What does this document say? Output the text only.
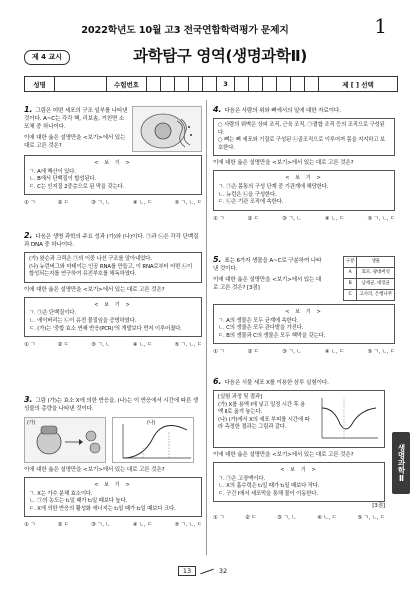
2022학년도 10월 고3 전국연합학력평가 문제지	1
제 4 교시	과학탐구 영역(생명과학Ⅱ)
성명	수험번호	3	제 [ ] 선택
1. 그림은 어떤 세포의 구조 일부를 나타낸 것이다. A~C는 각각 핵, 리보솜, 거친면 소포체 중 하나이다.
이에 대한 옳은 설명만을 <보기>에서 있는 대로 고른 것은?
< 보 기 >
ㄱ. A에 핵산이 있다.
ㄴ. B에서 단백질이 합성된다.
ㄷ. C는 인지질 2중층으로 된 막을 갖는다.
① ㄱ	② ㄷ	③ ㄱ, ㄴ	④ ㄴ, ㄷ	⑤ ㄱ, ㄴ, ㄷ
2. 다음은 생명 과학의 주요 성과 (가)와 (나)이다. ㉠과 ㉡은 각각 단백질과 DNA 중 하나이다.
(가) 왓슨과 크릭은 ㉠의 이중 나선 구조를 알아내었다.
(나) 뉴런버그와 마테이는 인공 RNA를 만들고, 이 RNA로부터 어떤 ㉡이 합성되는지를 연구하여 유전부호를 해독하였다.
이에 대한 옳은 설명만을 <보기>에서 있는 대로 고른 것은?
< 보 기 >
ㄱ. ㉠은 단백질이다.
ㄴ. 에이버리는 ㉡이 유전 물질임을 증명하였다.
ㄷ. (가)는 '중합 효소 연쇄 반응(PCR)'의 개발보다 먼저 이루어졌다.
① ㄱ	② ㄷ	③ ㄱ, ㄴ	④ ㄴ, ㄷ	⑤ ㄱ, ㄴ, ㄷ
3. 그림 (가)는 효소 X에 의한 반응을, (나)는 이 반응에서 시간에 따른 생성물의 총량을 나타낸 것이다.
(가)	(나)
이에 대한 옳은 설명만을 <보기>에서 있는 대로 고른 것은?
< 보 기 >
ㄱ. X는 가수 분해 효소이다.
ㄴ. ㉠의 농도는 t₁일 때가 t₂일 때보다 높다.
ㄷ. X에 의한 반응의 활성화 에너지는 t₁일 때가 t₂일 때보다 크다.
① ㄱ	② ㄷ	③ ㄱ, ㄴ	④ ㄴ, ㄷ	⑤ ㄱ, ㄴ, ㄷ
4. 다음은 사람의 위와 뼈에서의 일에 대한 자료이다.
○ 사람의 위벽은 상피 조직, 근육 조직, ㉠결합 조직 등의 조직으로 구성된다.
○ 뼈는 뼈 세포와 기질로 구성된 ㉡골조직으로 이루어져 몸을 지지하고 보호한다.
이에 대한 옳은 설명만을 <보기>에서 있는 대로 고른 것은?
< 보 기 >
ㄱ. ㉠은 몸통의 구성 단계 중 기관계에 해당한다.
ㄴ. 뉴런은 ㉡을 구성한다.
ㄷ. ㉡은 기관 조직에 속한다.
① ㄱ	② ㄷ	③ ㄱ, ㄴ	④ ㄴ, ㄷ	⑤ ㄱ, ㄴ, ㄷ
5. 표는 6가지 생물을 A~C로 구분하여 나타낸 것이다.
이에 대한 옳은 설명만을 <보기>에서 있는 대로 고른 것은? [3점]
구분	생물
A	효모, 광대버섯
B	남세균, 대장균
C	고사리, 은행나무
< 보 기 >
ㄱ. A의 생물은 모두 균계에 속한다.
ㄴ. C의 생물은 모두 관다발을 가진다.
ㄷ. B의 생물과 C의 생물은 모두 핵막을 갖는다.
① ㄱ	② ㄷ	③ ㄱ, ㄴ	④ ㄴ, ㄷ	⑤ ㄱ, ㄴ, ㄷ
6. 다음은 식물 세포 X를 이용한 삼투 실험이다.
[실험 과정 및 결과]
(가) X를 용액 Ⅰ에 넣고 일정 시간 후 용액 Ⅱ로 옮겨 놓는다.
(나) (가)에서 X의 세포 부피를 시간에 따라 측정한 결과는 그림과 같다.
이에 대한 옳은 설명만을 <보기>에서 있는 대로 고른 것은?
< 보 기 >
ㄱ. ㉠은 고장액이다.
ㄴ. X의 흡수력은 t₁일 때가 t₂일 때보다 작다.
ㄷ. 구간 Ⅰ에서 세포막을 통해 물이 이동한다.
[3점]
① ㄱ	② ㄷ	③ ㄱ, ㄴ	④ ㄴ, ㄷ	⑤ ㄱ, ㄴ, ㄷ
생명과학Ⅱ
13	32
